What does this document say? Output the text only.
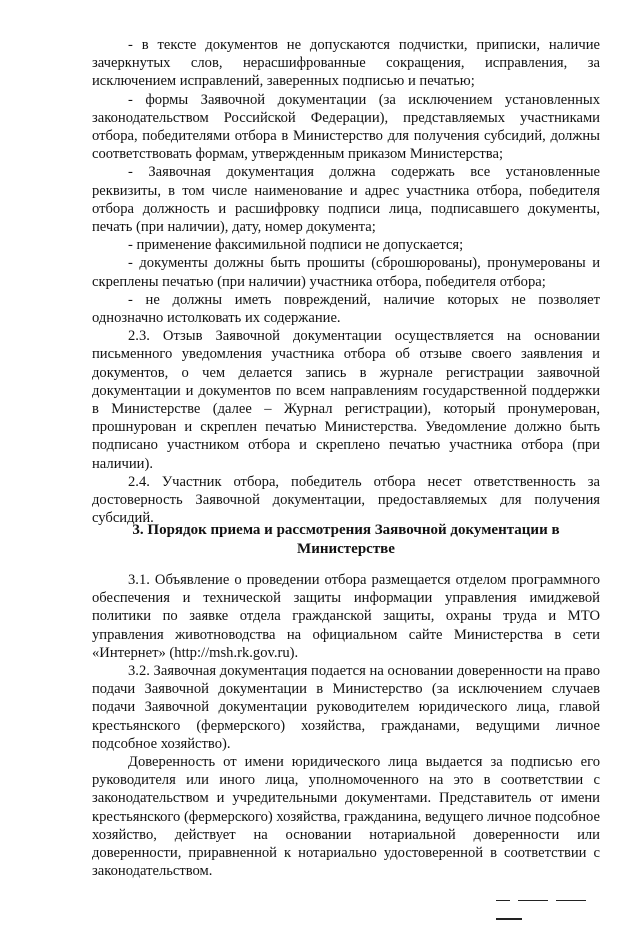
- в тексте документов не допускаются подчистки, приписки, наличие зачеркнутых слов, нерасшифрованные сокращения, исправления, за исключением исправлений, заверенных подписью и печатью;

- формы Заявочной документации (за исключением установленных законодательством Российской Федерации), представляемых участниками отбора, победителями отбора в Министерство для получения субсидий, должны соответствовать формам, утвержденным приказом Министерства;

- Заявочная документация должна содержать все установленные реквизиты, в том числе наименование и адрес участника отбора, победителя отбора должность и расшифровку подписи лица, подписавшего документы, печать (при наличии), дату, номер документа;

- применение факсимильной подписи не допускается;

- документы должны быть прошиты (сброшюрованы), пронумерованы и скреплены печатью (при наличии) участника отбора, победителя отбора;

- не должны иметь повреждений, наличие которых не позволяет однозначно истолковать их содержание.

2.3. Отзыв Заявочной документации осуществляется на основании письменного уведомления участника отбора об отзыве своего заявления и документов, о чем делается запись в журнале регистрации заявочной документации и документов по всем направлениям государственной поддержки в Министерстве (далее – Журнал регистрации), который пронумерован, прошнурован и скреплен печатью Министерства. Уведомление должно быть подписано участником отбора и скреплено печатью участника отбора (при наличии).

2.4. Участник отбора, победитель отбора несет ответственность за достоверность Заявочной документации, предоставляемых для получения субсидий.

3. Порядок приема и рассмотрения Заявочной документации в
Министерстве

3.1. Объявление о проведении отбора размещается отделом программного обеспечения и технической защиты информации управления имиджевой политики по заявке отдела гражданской защиты, охраны труда и МТО управления животноводства на официальном сайте Министерства в сети «Интернет» (http://msh.rk.gov.ru).

3.2. Заявочная документация подается на основании доверенности на право подачи Заявочной документации в Министерство (за исключением случаев подачи Заявочной документации руководителем юридического лица, главой крестьянского (фермерского) хозяйства, гражданами, ведущими личное подсобное хозяйство).

Доверенность от имени юридического лица выдается за подписью его руководителя или иного лица, уполномоченного на это в соответствии с законодательством и учредительными документами. Представитель от имени крестьянского (фермерского) хозяйства, гражданина, ведущего личное подсобное хозяйство, действует на основании нотариальной доверенности или доверенности, приравненной к нотариально удостоверенной в соответствии с законодательством.
